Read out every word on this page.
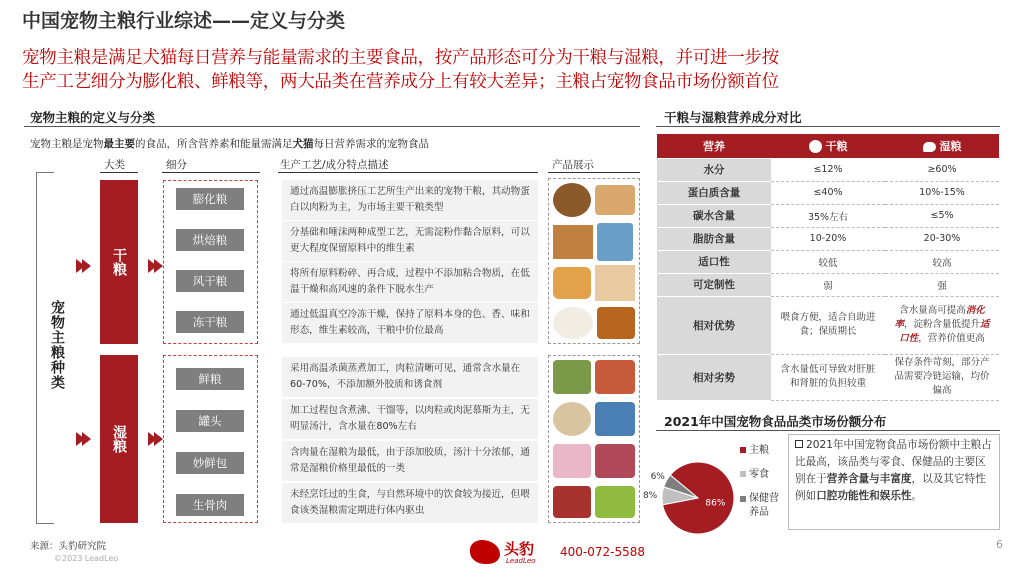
中国宠物主粮行业综述——定义与分类
宠物主粮是满足犬猫每日营养与能量需求的主要食品，按产品形态可分为干粮与湿粮，并可进一步按
生产工艺细分为膨化粮、鲜粮等，两大品类在营养成分上有较大差异；主粮占宠物食品市场份额首位
宠物主粮的定义与分类
宠物主粮是宠物最主要的食品，所含营养素和能量需满足犬猫每日营养需求的宠物食品
大类	细分	生产工艺/成分特点描述	产品展示
宠物主粮种类
干粮
膨化粮
烘焙粮
风干粮
冻干粮
通过高温膨胀挤压工艺所生产出来的宠物干粮，其动物蛋白以肉粉为主，为市场主要干粮类型
分基础和唾沫两种成型工艺，无需淀粉作黏合原料，可以更大程度保留原料中的维生素
将所有原料粉碎、再合成，过程中不添加粘合物质，在低温干燥和高风速的条件下脱水生产
通过低温真空冷冻干燥，保持了原料本身的色、香、味和形态，维生素较高，干粮中价位最高
湿粮
鲜粮
罐头
妙鲜包
生骨肉
采用高温杀菌蒸煮加工，肉粒清晰可见，通常含水量在60-70%，不添加额外胶质和诱食剂
加工过程包含煮沸、干馏等，以肉粒或肉泥慕斯为主，无明显汤汁，含水量在80%左右
含肉量在湿粮为最低，由于添加胶质，汤汁十分浓郁，通常是湿粮价格里最低的一类
未经烹饪过的生食，与自然环境中的饮食较为接近，但喂食该类湿粮需定期进行体内驱虫
干粮与湿粮营养成分对比
营养	干粮	湿粮
水分	≤12%	≥60%
蛋白质含量	≤40%	10%-15%
碳水含量	35%左右	≤5%
脂肪含量	10-20%	20-30%
适口性	较低	较高
可定制性	弱	强
相对优势	喂食方便，适合自助进食；保质期长	含水量高可提高消化率，淀粉含量低提升适口性，营养价值更高
相对劣势	含水量低可导致对肝脏和肾脏的负担较重	保存条件苛刻，部分产品需要冷链运输，均价偏高
2021年中国宠物食品品类市场份额分布
86%
8%
6%
主粮
零食
保健营养品
2021年中国宠物食品市场份额中主粮占比最高，该品类与零食、保健品的主要区别在于营养含量与丰富度，以及其它特性例如口腔功能性和娱乐性。
来源：头豹研究院
©2023 LeadLeo
头豹
LeadLeo
400-072-5588
6
